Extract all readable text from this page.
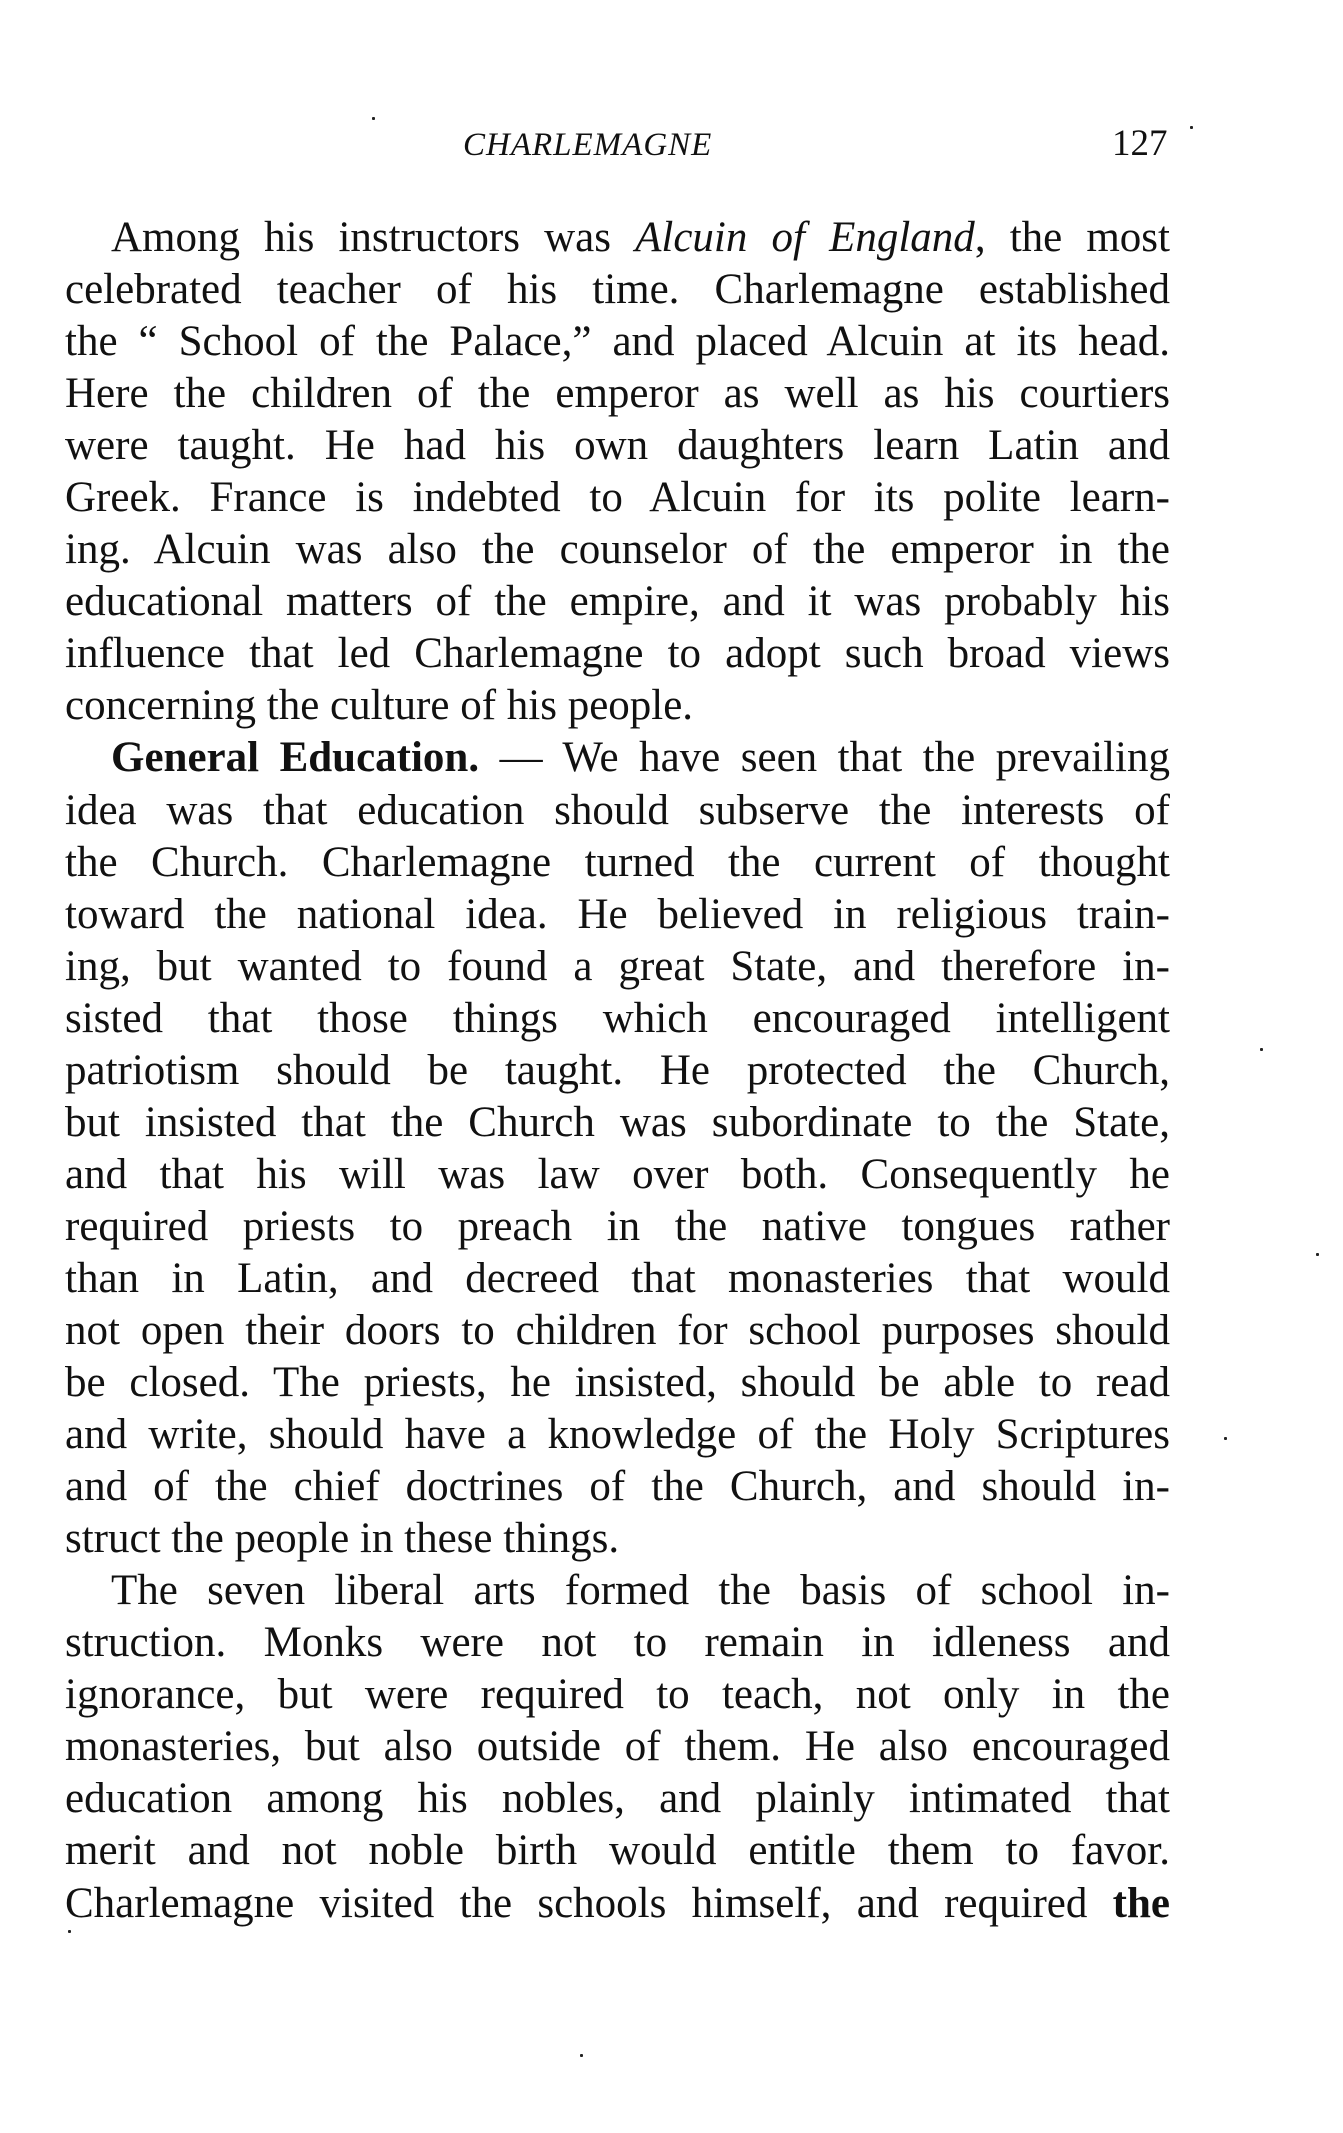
CHARLEMAGNE	127
Among his instructors was Alcuin of England, the most
celebrated teacher of his time. Charlemagne established
the “ School of the Palace,” and placed Alcuin at its head.
Here the children of the emperor as well as his courtiers
were taught. He had his own daughters learn Latin and
Greek. France is indebted to Alcuin for its polite learn-
ing. Alcuin was also the counselor of the emperor in the
educational matters of the empire, and it was probably his
influence that led Charlemagne to adopt such broad views
concerning the culture of his people.
General Education. — We have seen that the prevailing
idea was that education should subserve the interests of
the Church. Charlemagne turned the current of thought
toward the national idea. He believed in religious train-
ing, but wanted to found a great State, and therefore in-
sisted that those things which encouraged intelligent
patriotism should be taught. He protected the Church,
but insisted that the Church was subordinate to the State,
and that his will was law over both. Consequently he
required priests to preach in the native tongues rather
than in Latin, and decreed that monasteries that would
not open their doors to children for school purposes should
be closed. The priests, he insisted, should be able to read
and write, should have a knowledge of the Holy Scriptures
and of the chief doctrines of the Church, and should in-
struct the people in these things.
The seven liberal arts formed the basis of school in-
struction. Monks were not to remain in idleness and
ignorance, but were required to teach, not only in the
monasteries, but also outside of them. He also encouraged
education among his nobles, and plainly intimated that
merit and not noble birth would entitle them to favor.
Charlemagne visited the schools himself, and required the
